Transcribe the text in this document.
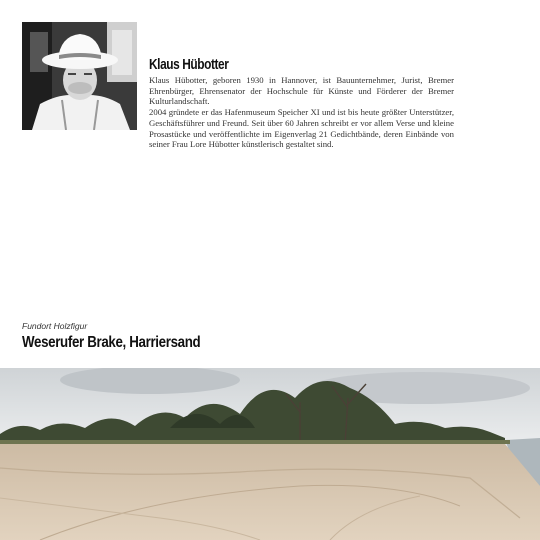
Klaus Hübotter

Klaus Hübotter, geboren 1930 in Hannover, ist Bauunternehmer, Jurist, Bremer Ehrenbürger, Ehrensenator der Hochschule für Künste und Förderer der Bremer Kulturlandschaft.

2004 gründete er das Hafenmuseum Speicher XI und ist bis heute größter Unterstützer, Geschäftsführer und Freund. Seit über 60 Jahren schreibt er vor allem Verse und kleine Prosastücke und veröffentlichte im Eigenverlag 21 Gedichtbände, deren Einbände von seiner Frau Lore Hübotter künstlerisch gestaltet sind.

Fundort Holzfigur
Weserufer Brake, Harriersand
